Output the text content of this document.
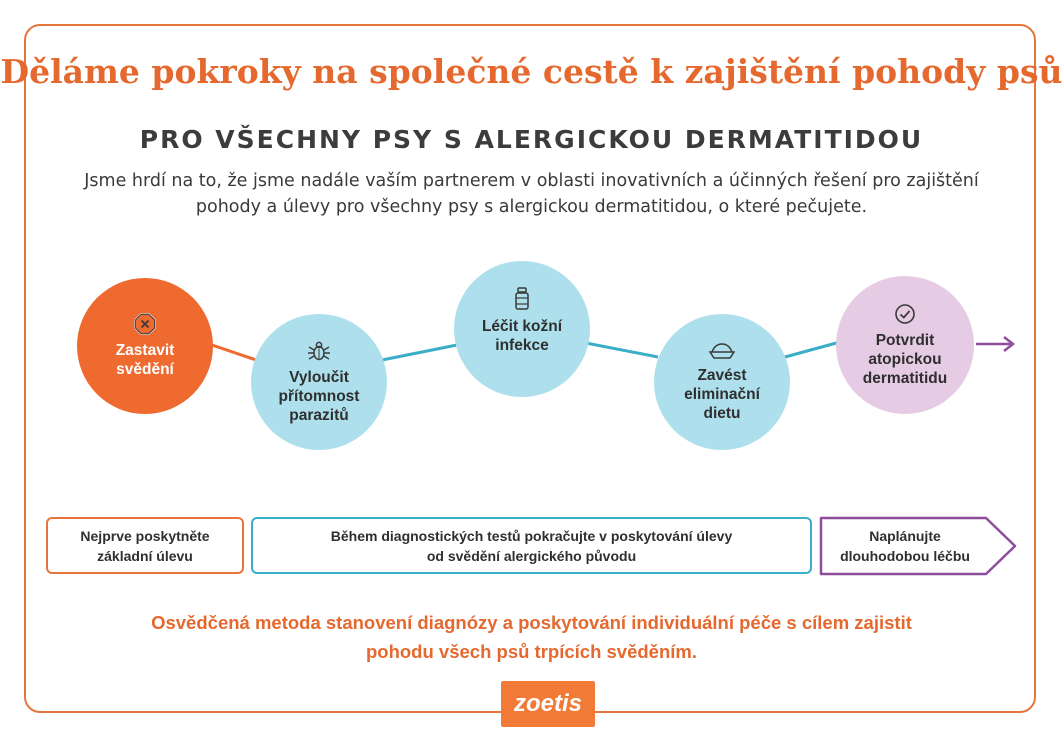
Děláme pokroky na společné cestě k zajištění pohody psů
PRO VŠECHNY PSY S ALERGICKOU DERMATITIDOU
Jsme hrdí na to, že jsme nadále vaším partnerem v oblasti inovativních a účinných řešení pro zajištění
pohody a úlevy pro všechny psy s alergickou dermatitidou, o které pečujete.
Zastavit
svědění	Vyloučit
přítomnost
parazitů
Léčit kožní
infekce
Zavést
eliminační
dietu
Potvrdit
atopickou
dermatitidu
Nejprve poskytněte
základní úlevu
Během diagnostických testů pokračujte v poskytování úlevy
od svědění alergického původu
Naplánujte
dlouhodobou léčbu
Osvědčená metoda stanovení diagnózy a poskytování individuální péče s cílem zajistit
pohodu všech psů trpících svěděním.
zoetis
